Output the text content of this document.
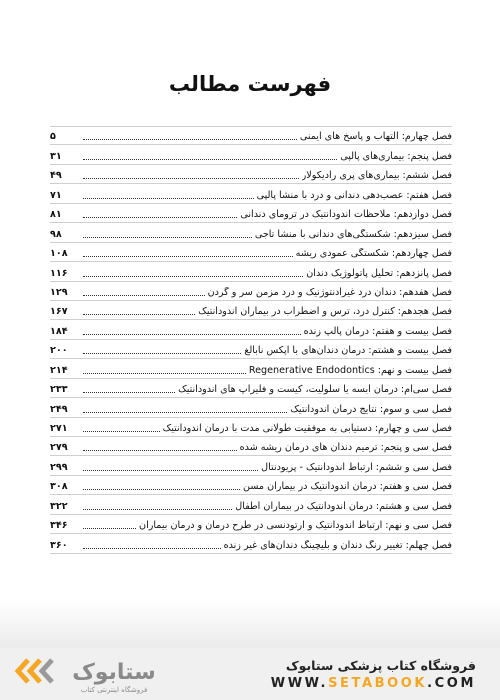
فهرست مطالب
فصل چهارم: التهاب و پاسخ های ایمنی
۵
فصل پنجم: بیماری‌های پالپی
۳۱
فصل ششم: بیماری‌های پری رادیکولار
۴۹
فصل هفتم: عصب‌دهی دندانی و درد با منشا پالپی
۷۱
فصل دوازدهم: ملاحظات اندودانتیک در ترومای دندانی
۸۱
فصل سیزدهم: شکستگی‌های دندانی با منشا تاجی
۹۸
فصل چهاردهم: شکستگی عمودی ریشه
۱۰۸
فصل پانزدهم: تحلیل پاتولوژیک دندان
۱۱۶
فصل هفدهم: دندان درد غیرادنتوژنیک و درد مزمن سر و گردن
۱۲۹
فصل هجدهم: کنترل درد، ترس و اضطراب در بیماران اندودانتیک
۱۶۷
فصل بیست و هفتم: درمان پالپ زنده
۱۸۴
فصل بیست و هشتم: درمان دندان‌های با اپکس نابالغ
۲۰۰
فصل بیست و نهم: Regenerative Endodontics
۲۱۴
فصل سی‌ام: درمان آبسه یا سلولیت، کیست و فلیرآپ های اندودانتیک
۲۳۳
فصل سی و سوم: نتایج درمان اندودانتیک
۲۴۹
فصل سی و چهارم: دستیابی به موفقیت طولانی مدت با درمان اندودانتیک
۲۷۱
فصل سی و پنجم: ترمیم دندان های درمان ریشه شده
۲۷۹
فصل سی و ششم: ارتباط اندودانتیک - پریودنتال
۲۹۹
فصل سی و هفتم: درمان اندودانتیک در بیماران مسن
۳۰۸
فصل سی و هشتم: درمان اندودانتیک در بیماران اطفال
۳۲۲
فصل سی و نهم: ارتباط اندودانتیک و ارتودنسی در طرح درمان و درمان بیماران
۳۴۶
فصل چهلم: تغییر رنگ دندان و بلیچینگ دندان‌های غیر زنده
۳۶۰
ستابوک
فروشگاه اینترنتی کتاب
فروشگاه کتاب پزشکی ستابوک
WWW.SETABOOK.COM
